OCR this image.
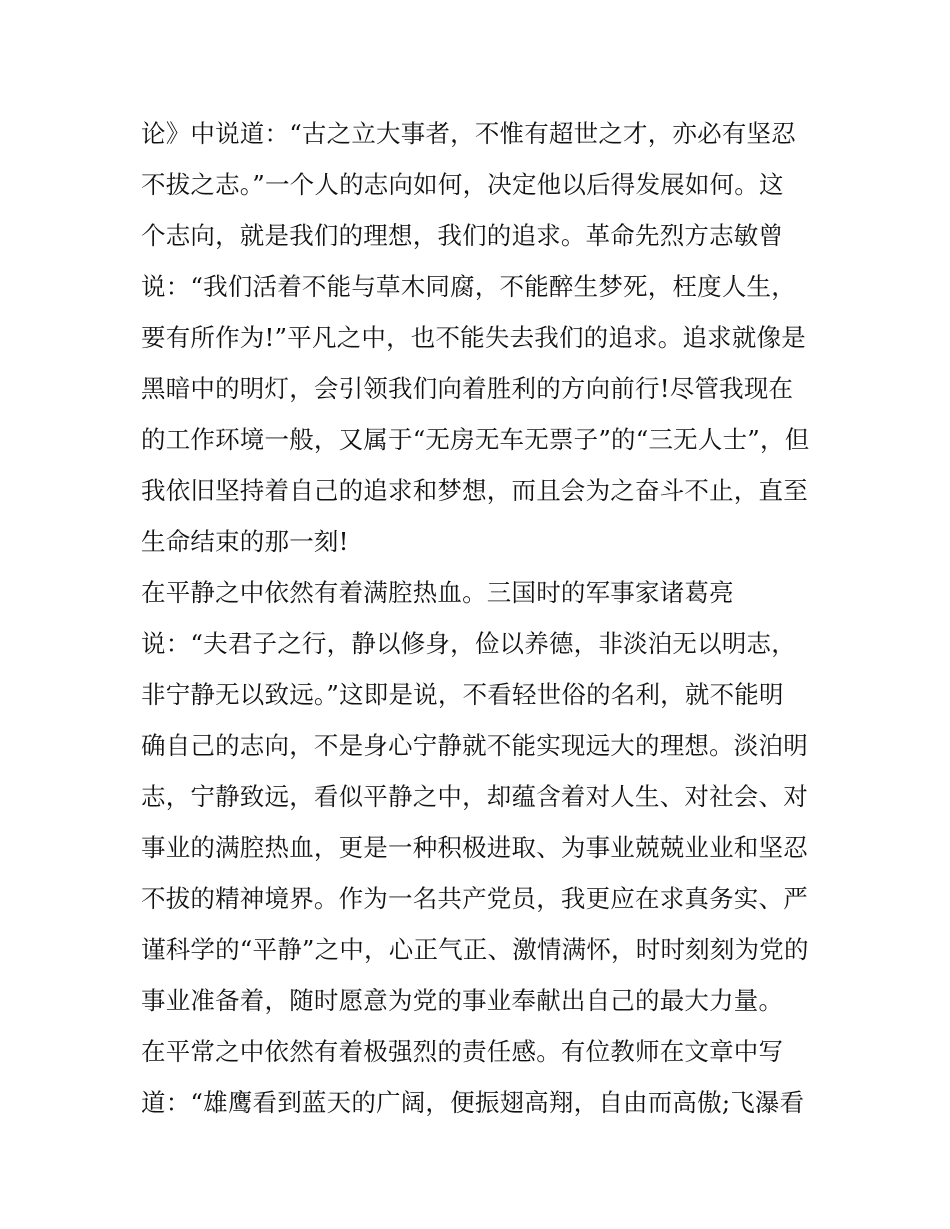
论》中说道：“古之立大事者，不惟有超世之才，亦必有坚忍
不拔之志。”一个人的志向如何，决定他以后得发展如何。这
个志向，就是我们的理想，我们的追求。革命先烈方志敏曾
说：“我们活着不能与草木同腐，不能醉生梦死，枉度人生，
要有所作为!”平凡之中，也不能失去我们的追求。追求就像是
黑暗中的明灯，会引领我们向着胜利的方向前行!尽管我现在
的工作环境一般，又属于“无房无车无票子”的“三无人士”，但
我依旧坚持着自己的追求和梦想，而且会为之奋斗不止，直至
生命结束的那一刻!
在平静之中依然有着满腔热血。三国时的军事家诸葛亮
说：“夫君子之行，静以修身，俭以养德，非淡泊无以明志，
非宁静无以致远。”这即是说，不看轻世俗的名利，就不能明
确自己的志向，不是身心宁静就不能实现远大的理想。淡泊明
志，宁静致远，看似平静之中，却蕴含着对人生、对社会、对
事业的满腔热血，更是一种积极进取、为事业兢兢业业和坚忍
不拔的精神境界。作为一名共产党员，我更应在求真务实、严
谨科学的“平静”之中，心正气正、激情满怀，时时刻刻为党的
事业准备着，随时愿意为党的事业奉献出自己的最大力量。
在平常之中依然有着极强烈的责任感。有位教师在文章中写
道：“雄鹰看到蓝天的广阔，便振翅高翔，自由而高傲;飞瀑看
